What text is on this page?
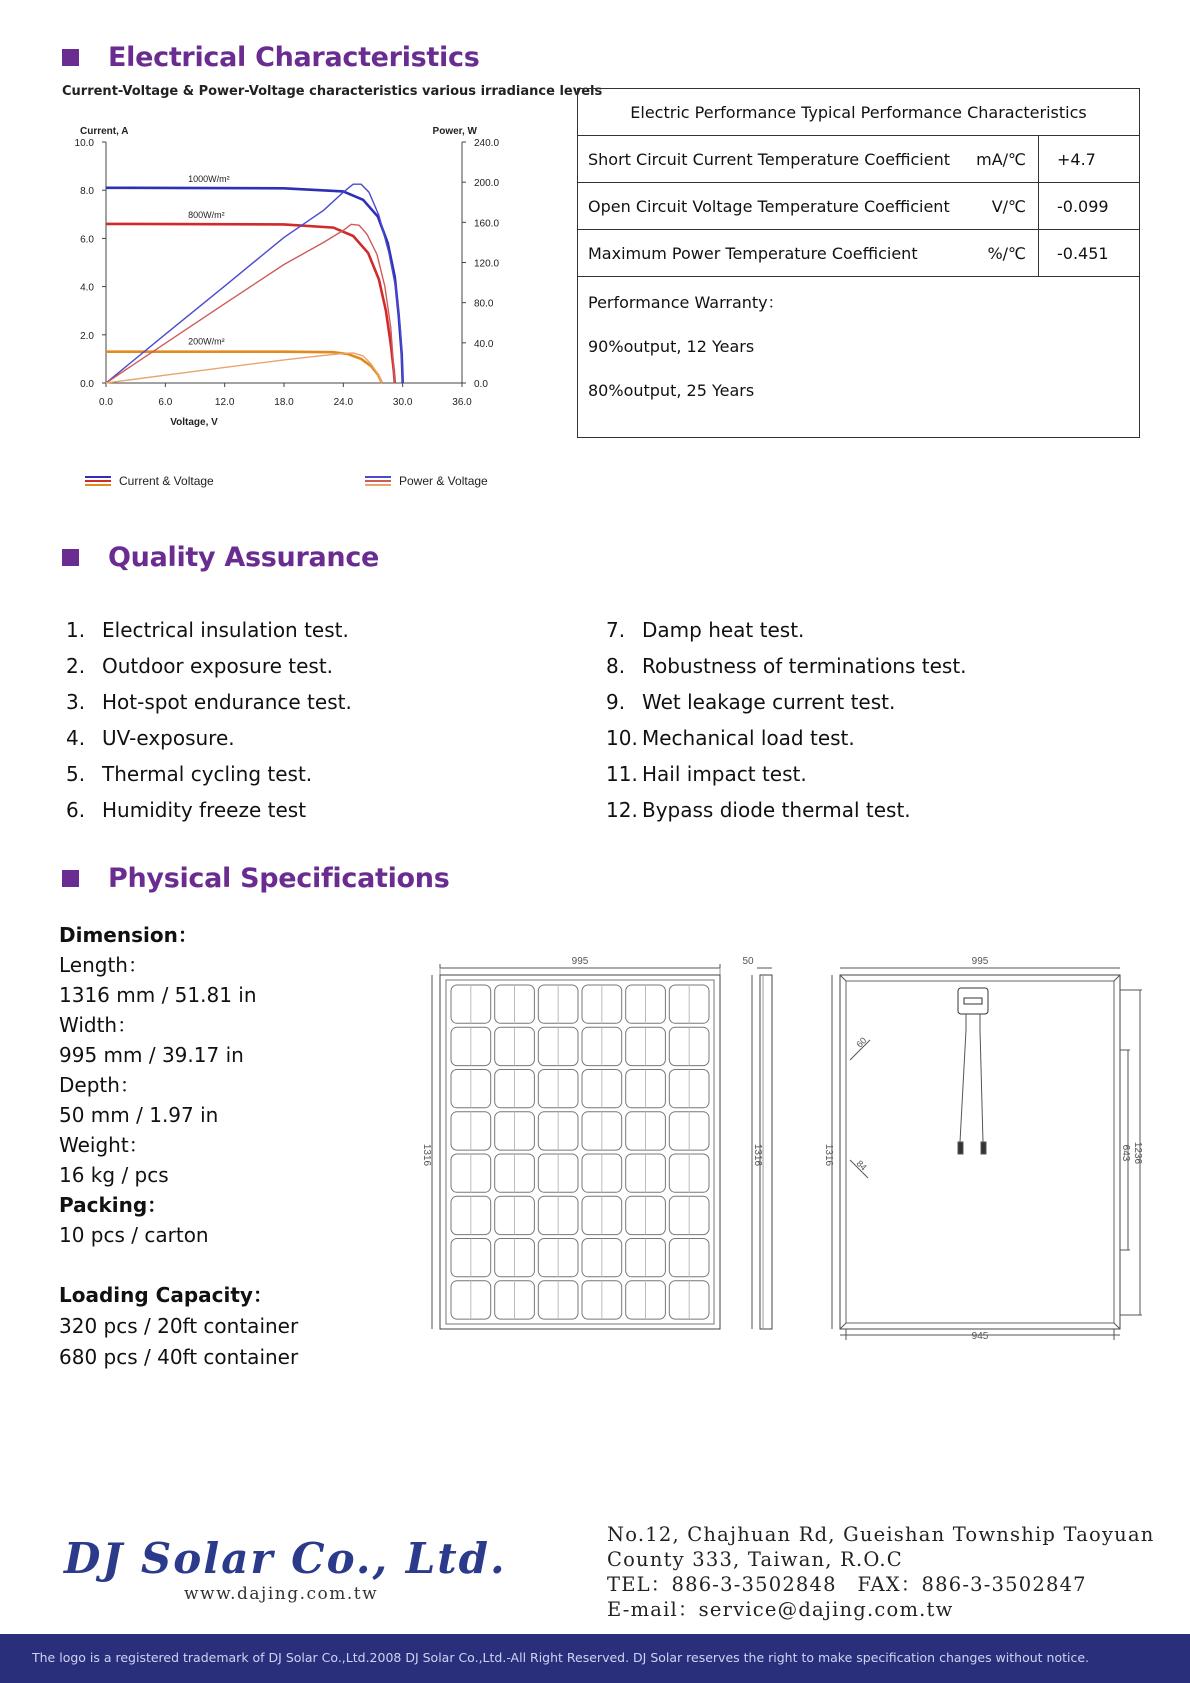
Electrical Characteristics
Current-Voltage & Power-Voltage characteristics various irradiance levels
0.0	6.0	12.0	18.0	24.0	30.0	36.0
0.0
2.0
4.0
6.0
8.0
10.0
0.0
40.0
80.0
120.0
160.0
200.0
240.0
Current, A	Power, W
Voltage, V
1000W/m²
800W/m²
200W/m²
Current & Voltage	Power & Voltage
Electric Performance Typical Performance Characteristics		
Short Circuit Current Temperature Coefficient	mA/℃	+4.7
Open Circuit Voltage Temperature Coefficient	V/℃	-0.099
Maximum Power Temperature Coefficient	%/℃	-0.451

Performance Warranty：
90%output, 12 Years
80%output, 25 Years		
Quality Assurance
1. Electrical insulation test.
2. Outdoor exposure test.
3. Hot-spot endurance test.
4. UV-exposure.
5. Thermal cycling test.
6. Humidity freeze test
7. Damp heat test.
8. Robustness of terminations test.
9. Wet leakage current test.
10. Mechanical load test.
11. Hail impact test.
12. Bypass diode thermal test.
Physical Specifications
Dimension：
Length：
1316 mm / 51.81 in
Width：
995 mm / 39.17 in
Depth：
50 mm / 1.97 in
Weight：
16 kg / pcs
Packing：
10 pcs / carton
Loading Capacity：
320 pcs / 20ft container
680 pcs / 40ft container
995
1316
50
1316
995
1316
945
643 1236
60
84
DJ Solar Co., Ltd.
www.dajing.com.tw
No.12, Chajhuan Rd, Gueishan Township Taoyuan
County 333, Taiwan, R.O.C
TEL：886-3-3502848　FAX：886-3-3502847
E-mail：service@dajing.com.tw
The logo is a registered trademark of DJ Solar Co.,Ltd.2008 DJ Solar Co.,Ltd.-All Right Reserved. DJ Solar reserves the right to make specification changes without notice.
